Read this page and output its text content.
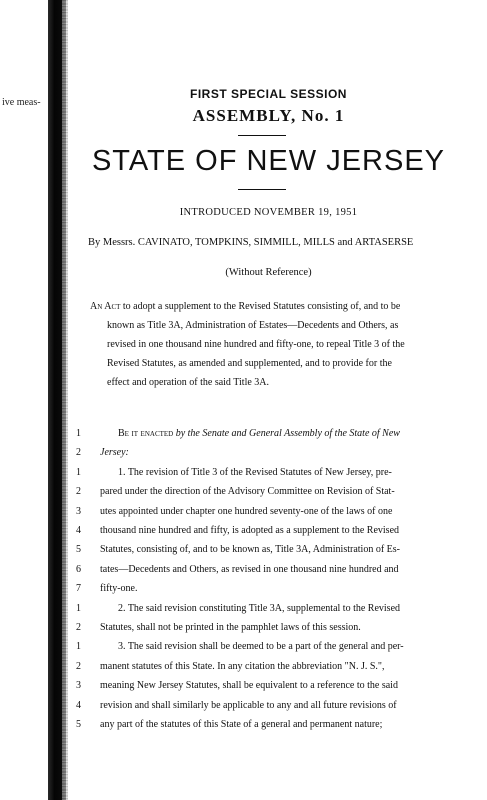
ive meas-
FIRST SPECIAL SESSION
ASSEMBLY, No. 1
STATE OF NEW JERSEY
INTRODUCED NOVEMBER 19, 1951
By Messrs. CAVINATO, TOMPKINS, SIMMILL, MILLS and ARTASERSE
(Without Reference)
An Act to adopt a supplement to the Revised Statutes consisting of, and to be
known as Title 3A, Administration of Estates—Decedents and Others, as
revised in one thousand nine hundred and fifty-one, to repeal Title 3 of the
Revised Statutes, as amended and supplemented, and to provide for the
effect and operation of the said Title 3A.
1	Be it enacted by the Senate and General Assembly of the State of New
2 Jersey:
1	1. The revision of Title 3 of the Revised Statutes of New Jersey, pre-
2 pared under the direction of the Advisory Committee on Revision of Stat-
3 utes appointed under chapter one hundred seventy-one of the laws of one
4 thousand nine hundred and fifty, is adopted as a supplement to the Revised
5 Statutes, consisting of, and to be known as, Title 3A, Administration of Es-
6 tates—Decedents and Others, as revised in one thousand nine hundred and
7 fifty-one.
1	2. The said revision constituting Title 3A, supplemental to the Revised
2 Statutes, shall not be printed in the pamphlet laws of this session.
1	3. The said revision shall be deemed to be a part of the general and per-
2 manent statutes of this State. In any citation the abbreviation "N. J. S.",
3 meaning New Jersey Statutes, shall be equivalent to a reference to the said
4 revision and shall similarly be applicable to any and all future revisions of
5 any part of the statutes of this State of a general and permanent nature;
